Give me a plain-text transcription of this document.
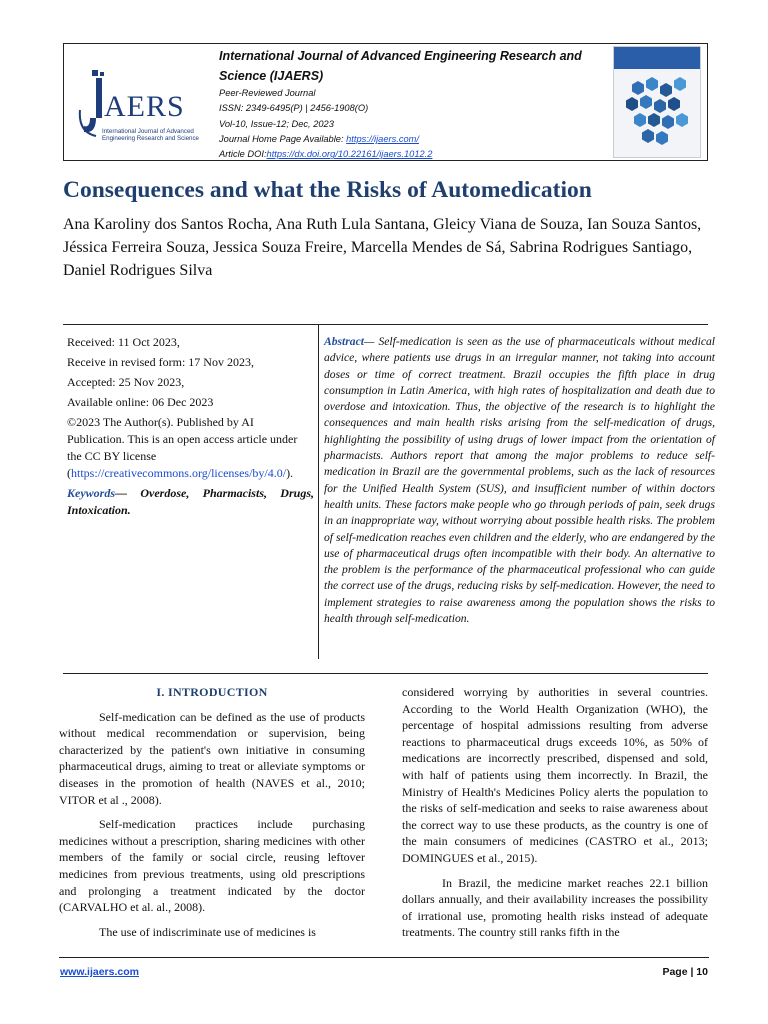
AERS
International Journal of Advanced Engineering Research and Science
International Journal of Advanced Engineering Research and Science (IJAERS)
Peer-Reviewed Journal
ISSN: 2349-6495(P) | 2456-1908(O)
Vol-10, Issue-12; Dec, 2023
Journal Home Page Available: https://ijaers.com/
Article DOI:https://dx.doi.org/10.22161/ijaers.1012.2
Consequences and what the Risks of Automedication
Ana Karoliny dos Santos Rocha, Ana Ruth Lula Santana, Gleicy Viana de Souza, Ian Souza Santos, Jéssica Ferreira Souza, Jessica Souza Freire, Marcella Mendes de Sá, Sabrina Rodrigues Santiago, Daniel Rodrigues Silva

Received: 11 Oct 2023,

Receive in revised form: 17 Nov 2023,

Accepted: 25 Nov 2023,

Available online: 06 Dec 2023

©2023 The Author(s). Published by AI Publication. This is an open access article under the CC BY license (https://creativecommons.org/licenses/by/4.0/).

Keywords— Overdose, Pharmacists, Drugs, Intoxication.

Abstract— Self-medication is seen as the use of pharmaceuticals without medical advice, where patients use drugs in an irregular manner, not taking into account doses or time of correct treatment. Brazil occupies the fifth place in drug consumption in Latin America, with high rates of hospitalization and death due to overdose and intoxication. Thus, the objective of the research is to highlight the consequences and main health risks arising from the self-medication of drugs, highlighting the possibility of using drugs of lower impact from the orientation of pharmacists. Authors report that among the major problems to reduce self-medication in Brazil are the governmental problems, such as the lack of resources for the Unified Health System (SUS), and insufficient number of within doctors health units. These factors make people who go through periods of pain, seek drugs in an inappropriate way, without worrying about possible health risks. The problem of self-medication reaches even children and the elderly, who are endangered by the use of pharmaceutical drugs often incompatible with their body. An alternative to the problem is the performance of the pharmaceutical professional who can guide the correct use of the drugs, reducing risks by self-medication. However, the need to implement strategies to raise awareness among the population shows the risks to health through self-medication.
I. INTRODUCTION

Self-medication can be defined as the use of products without medical recommendation or supervision, being characterized by the patient's own initiative in consuming pharmaceutical drugs, aiming to treat or alleviate symptoms or diseases in the promotion of health (NAVES et al., 2010; VITOR et al ., 2008).

Self-medication practices include purchasing medicines without a prescription, sharing medicines with other members of the family or social circle, reusing leftover medicines from previous treatments, using old prescriptions and prolonging a treatment indicated by the doctor (CARVALHO et al. al., 2008).

The use of indiscriminate use of medicines is

considered worrying by authorities in several countries. According to the World Health Organization (WHO), the percentage of hospital admissions resulting from adverse reactions to pharmaceutical drugs exceeds 10%, as 50% of medications are incorrectly prescribed, dispensed and sold, with half of patients using them incorrectly. In Brazil, the Ministry of Health's Medicines Policy alerts the population to the risks of self-medication and seeks to raise awareness about the correct way to use these products, as the country is one of the main consumers of medicines (CASTRO et al., 2013; DOMINGUES et al., 2015).

In Brazil, the medicine market reaches 22.1 billion dollars annually, and their availability increases the possibility of irrational use, promoting health risks instead of adequate treatments. The country still ranks fifth in the

www.ijaers.com	Page | 10
